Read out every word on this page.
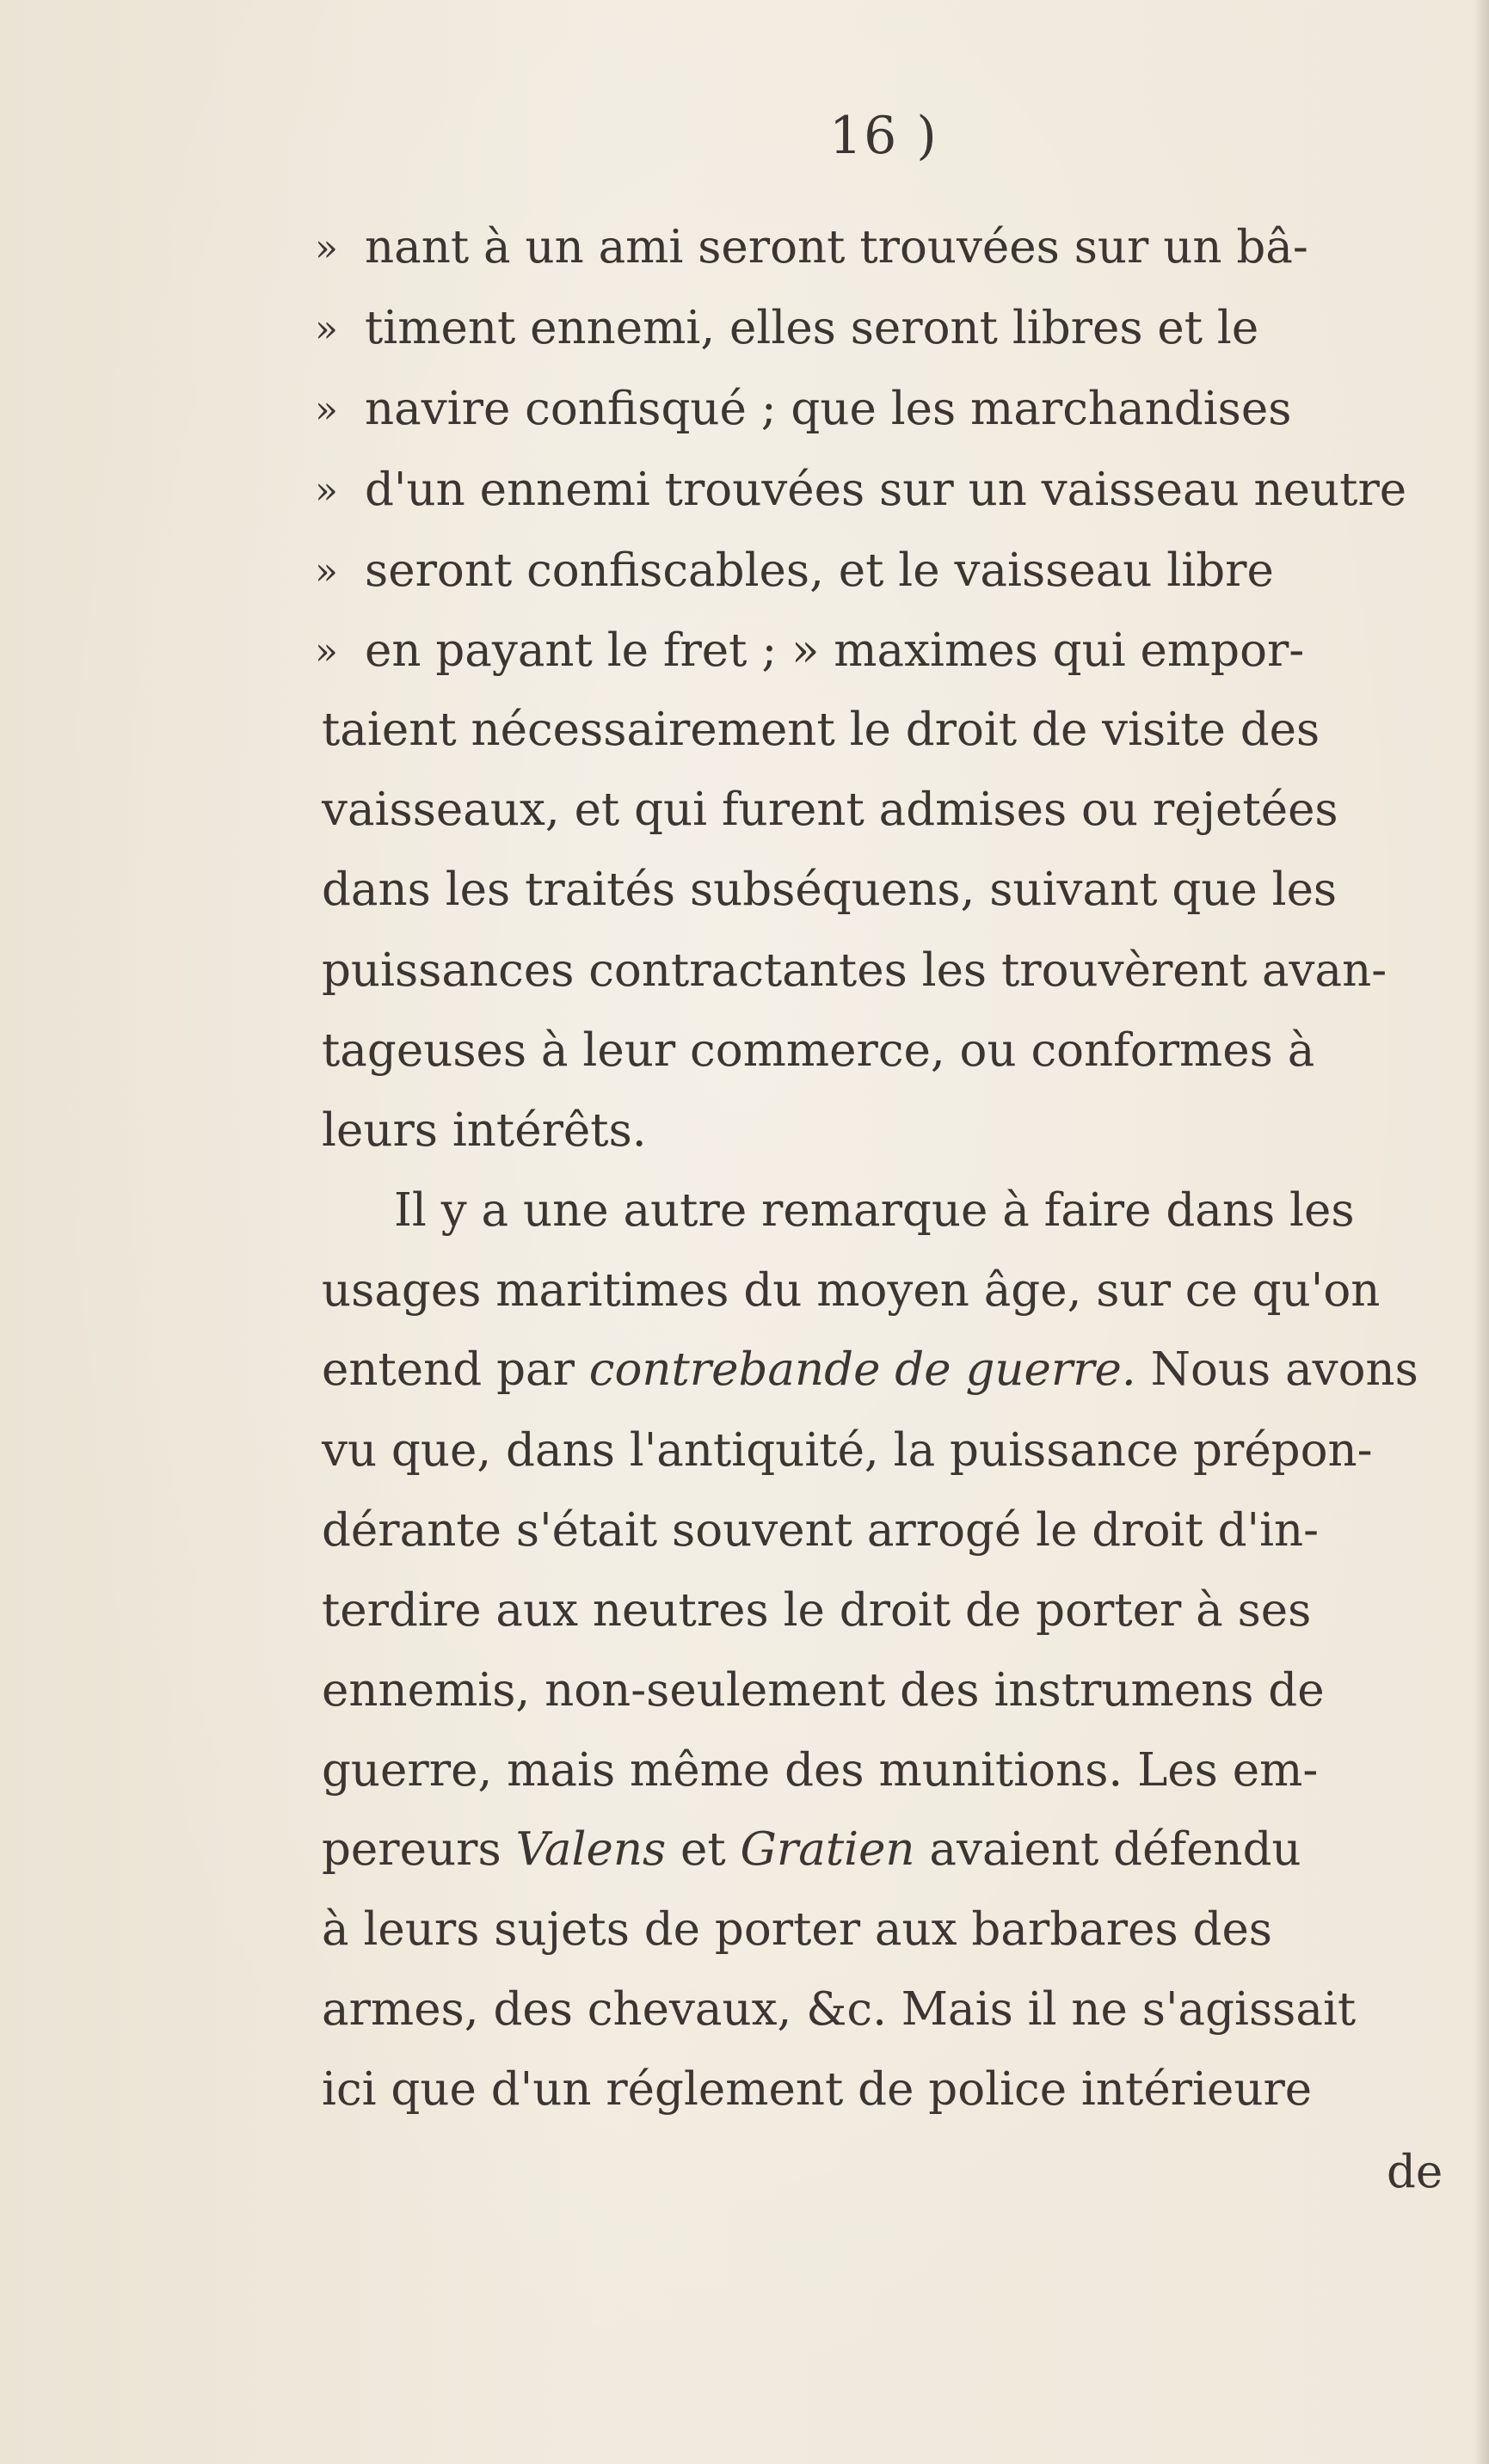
16 )
» nant à un ami seront trouvées sur un bâ-
» timent ennemi, elles seront libres et le
» navire confisqué ; que les marchandises
» d'un ennemi trouvées sur un vaisseau neutre
» seront confiscables, et le vaisseau libre
» en payant le fret ; » maximes qui empor-
taient nécessairement le droit de visite des
vaisseaux, et qui furent admises ou rejetées
dans les traités subséquens, suivant que les
puissances contractantes les trouvèrent avan-
tageuses à leur commerce, ou conformes à
leurs intérêts.
Il y a une autre remarque à faire dans les
usages maritimes du moyen âge, sur ce qu'on
entend par contrebande de guerre. Nous avons
vu que, dans l'antiquité, la puissance prépon-
dérante s'était souvent arrogé le droit d'in-
terdire aux neutres le droit de porter à ses
ennemis, non-seulement des instrumens de
guerre, mais même des munitions. Les em-
pereurs Valens et Gratien avaient défendu
à leurs sujets de porter aux barbares des
armes, des chevaux, &c. Mais il ne s'agissait
ici que d'un réglement de police intérieure
de
